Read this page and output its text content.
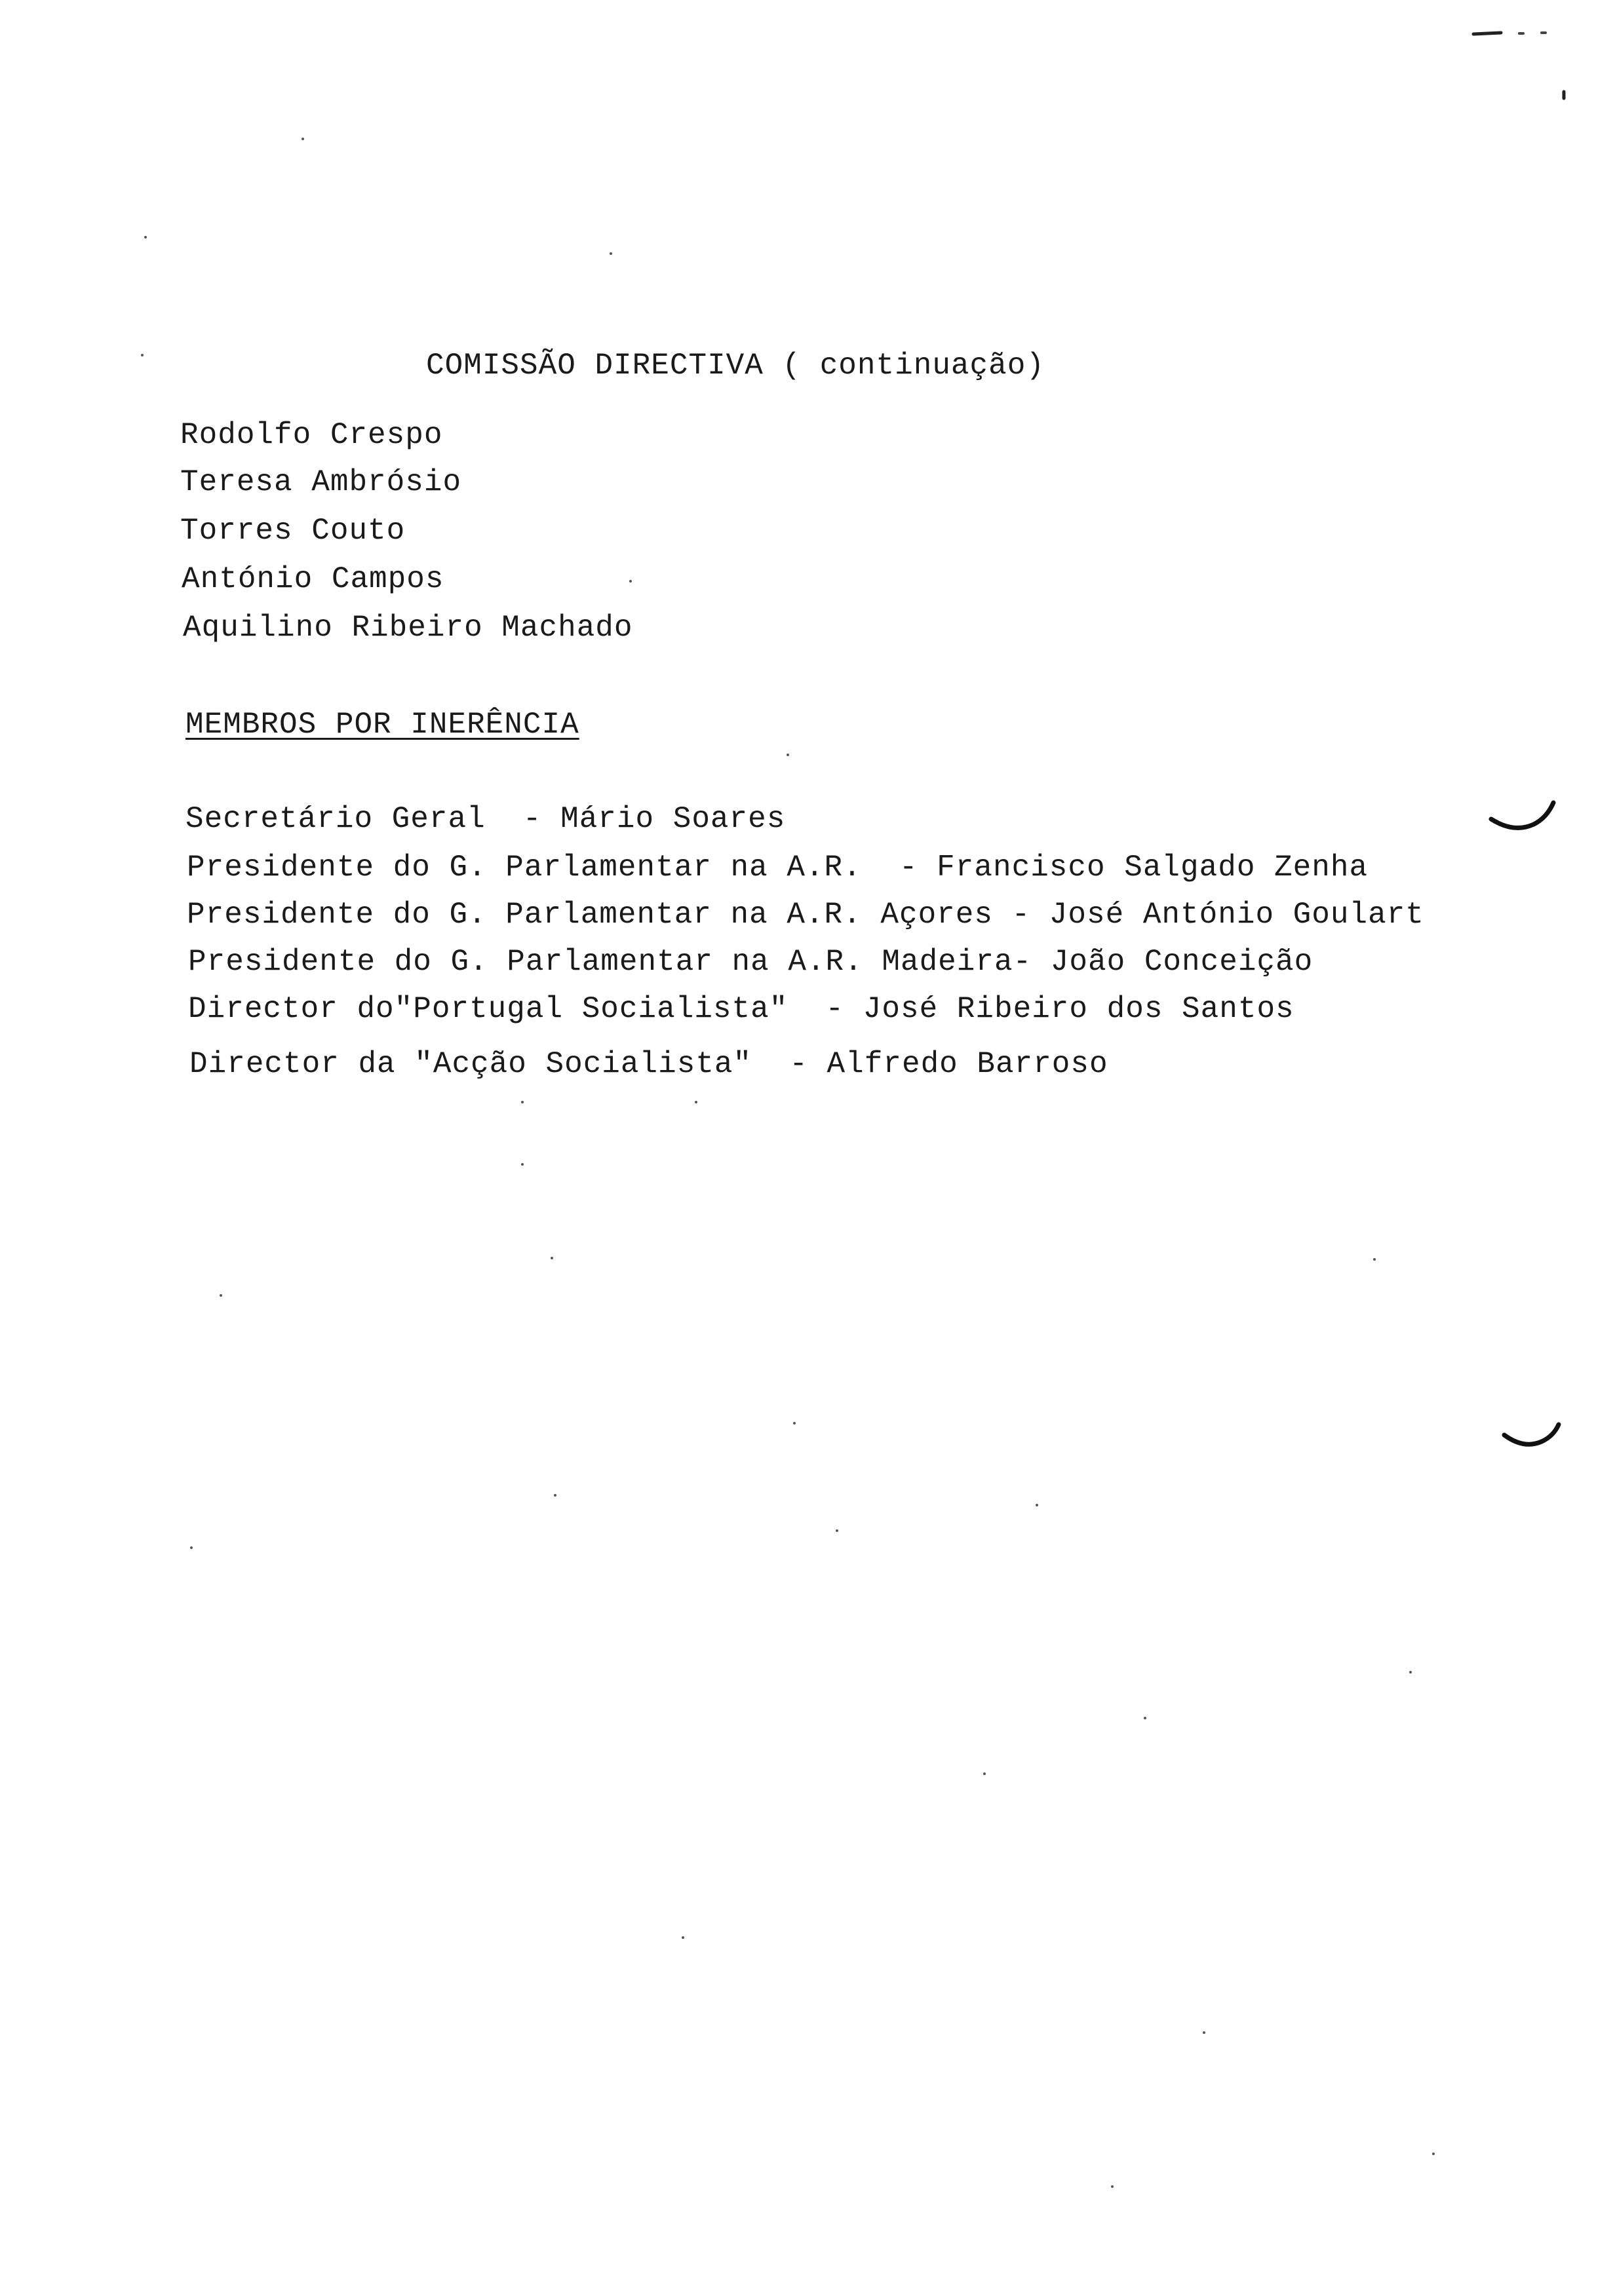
COMISSÃO DIRECTIVA ( continuação)
Rodolfo Crespo
Teresa Ambrósio
Torres Couto
António Campos
Aquilino Ribeiro Machado
MEMBROS POR INERÊNCIA
Secretário Geral  - Mário Soares
Presidente do G. Parlamentar na A.R.  - Francisco Salgado Zenha
Presidente do G. Parlamentar na A.R. Açores - José António Goulart
Presidente do G. Parlamentar na A.R. Madeira- João Conceição
Director do"Portugal Socialista"  - José Ribeiro dos Santos
Director da "Acção Socialista"  - Alfredo Barroso
